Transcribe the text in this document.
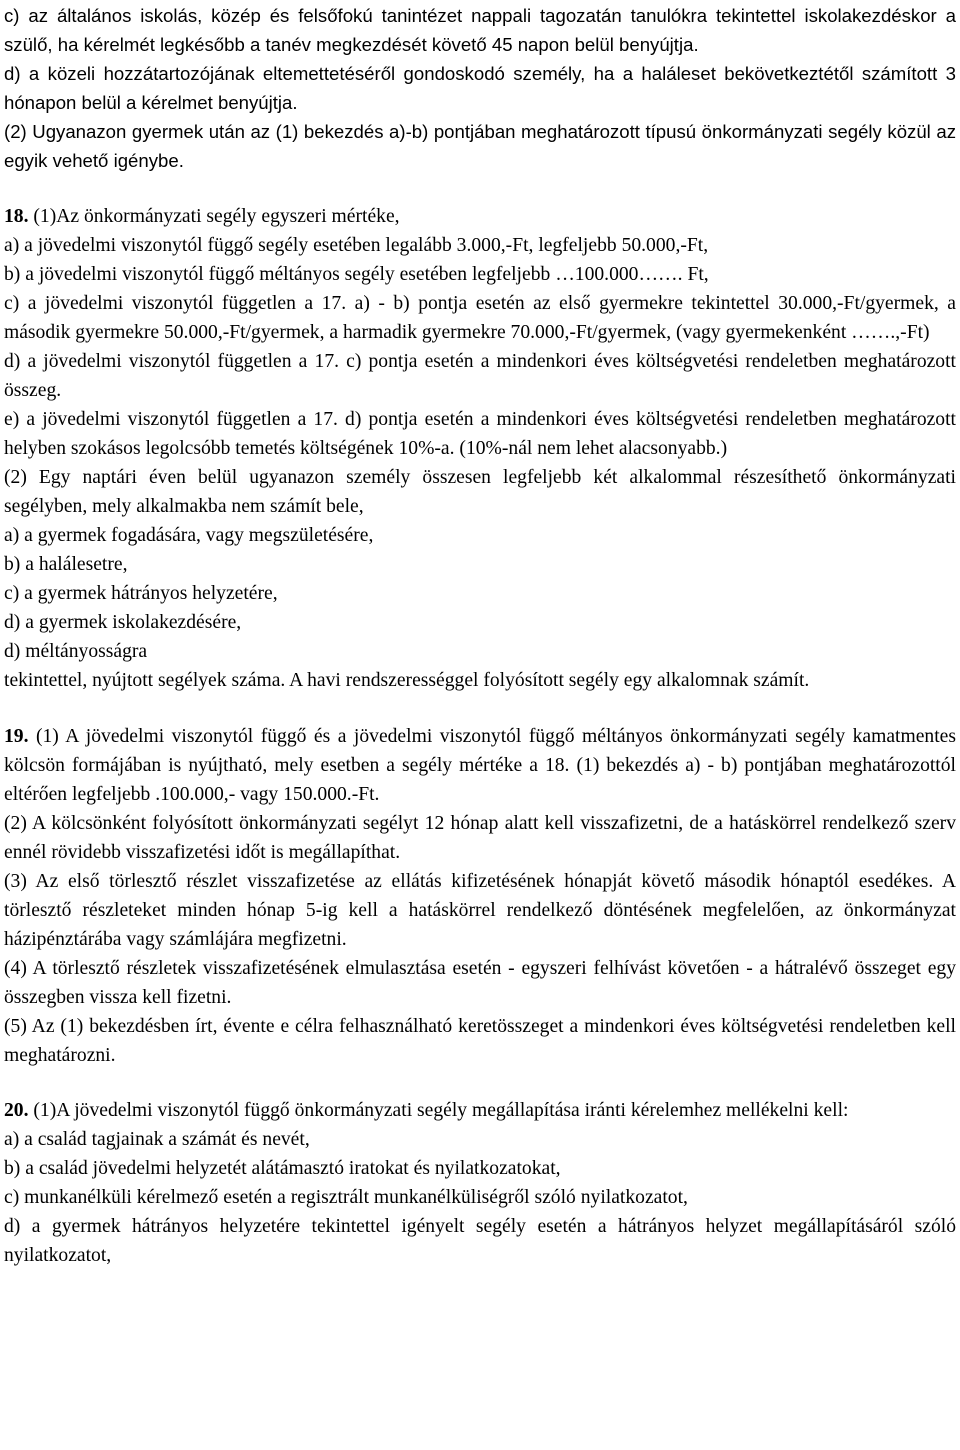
c) az általános iskolás, közép és felsőfokú tanintézet nappali tagozatán tanulókra tekintettel iskolakezdéskor a szülő, ha kérelmét legkésőbb a tanév megkezdését követő 45 napon belül benyújtja.

d) a közeli hozzátartozójának eltemettetéséről gondoskodó személy, ha a haláleset bekövetkeztétől számított 3 hónapon belül a kérelmet benyújtja.

(2) Ugyanazon gyermek után az (1) bekezdés a)-b) pontjában meghatározott típusú önkormányzati segély közül az egyik vehető igénybe.

18. (1)Az önkormányzati segély egyszeri mértéke,

a) a jövedelmi viszonytól függő segély esetében legalább 3.000,-Ft, legfeljebb 50.000,-Ft,

b) a jövedelmi viszonytól függő méltányos segély esetében legfeljebb …100.000……. Ft,

c) a jövedelmi viszonytól független a 17. a) - b) pontja esetén az első gyermekre tekintettel 30.000,-Ft/gyermek, a második gyermekre 50.000,-Ft/gyermek, a harmadik gyermekre 70.000,-Ft/gyermek, (vagy gyermekenként …….,-Ft)

d) a jövedelmi viszonytól független a 17. c) pontja esetén a mindenkori éves költségvetési rendeletben meghatározott összeg.

e) a jövedelmi viszonytól független a 17. d) pontja esetén a mindenkori éves költségvetési rendeletben meghatározott helyben szokásos legolcsóbb temetés költségének 10%-a. (10%-nál nem lehet alacsonyabb.)

(2) Egy naptári éven belül ugyanazon személy összesen legfeljebb két alkalommal részesíthető önkormányzati segélyben, mely alkalmakba nem számít bele,

a) a gyermek fogadására, vagy megszületésére,

b) a halálesetre,

c) a gyermek hátrányos helyzetére,

d) a gyermek iskolakezdésére,

d) méltányosságra

tekintettel, nyújtott segélyek száma. A havi rendszerességgel folyósított segély egy alkalomnak számít.

19. (1) A jövedelmi viszonytól függő és a jövedelmi viszonytól függő méltányos önkormányzati segély kamatmentes kölcsön formájában is nyújtható, mely esetben a segély mértéke a 18. (1) bekezdés a) - b) pontjában meghatározottól eltérően legfeljebb .100.000,- vagy 150.000.-Ft.

(2) A kölcsönként folyósított önkormányzati segélyt 12 hónap alatt kell visszafizetni, de a hatáskörrel rendelkező szerv ennél rövidebb visszafizetési időt is megállapíthat.

(3) Az első törlesztő részlet visszafizetése az ellátás kifizetésének hónapját követő második hónaptól esedékes. A törlesztő részleteket minden hónap 5-ig kell a hatáskörrel rendelkező döntésének megfelelően, az önkormányzat házipénztárába vagy számlájára megfizetni.

(4) A törlesztő részletek visszafizetésének elmulasztása esetén - egyszeri felhívást követően - a hátralévő összeget egy összegben vissza kell fizetni.

(5) Az (1) bekezdésben írt, évente e célra felhasználható keretösszeget a mindenkori éves költségvetési rendeletben kell meghatározni.

20. (1)A jövedelmi viszonytól függő önkormányzati segély megállapítása iránti kérelemhez mellékelni kell:

a) a család tagjainak a számát és nevét,

b) a család jövedelmi helyzetét alátámasztó iratokat és nyilatkozatokat,

c) munkanélküli kérelmező esetén a regisztrált munkanélküliségről szóló nyilatkozatot,

d) a gyermek hátrányos helyzetére tekintettel igényelt segély esetén a hátrányos helyzet megállapításáról szóló nyilatkozatot,
